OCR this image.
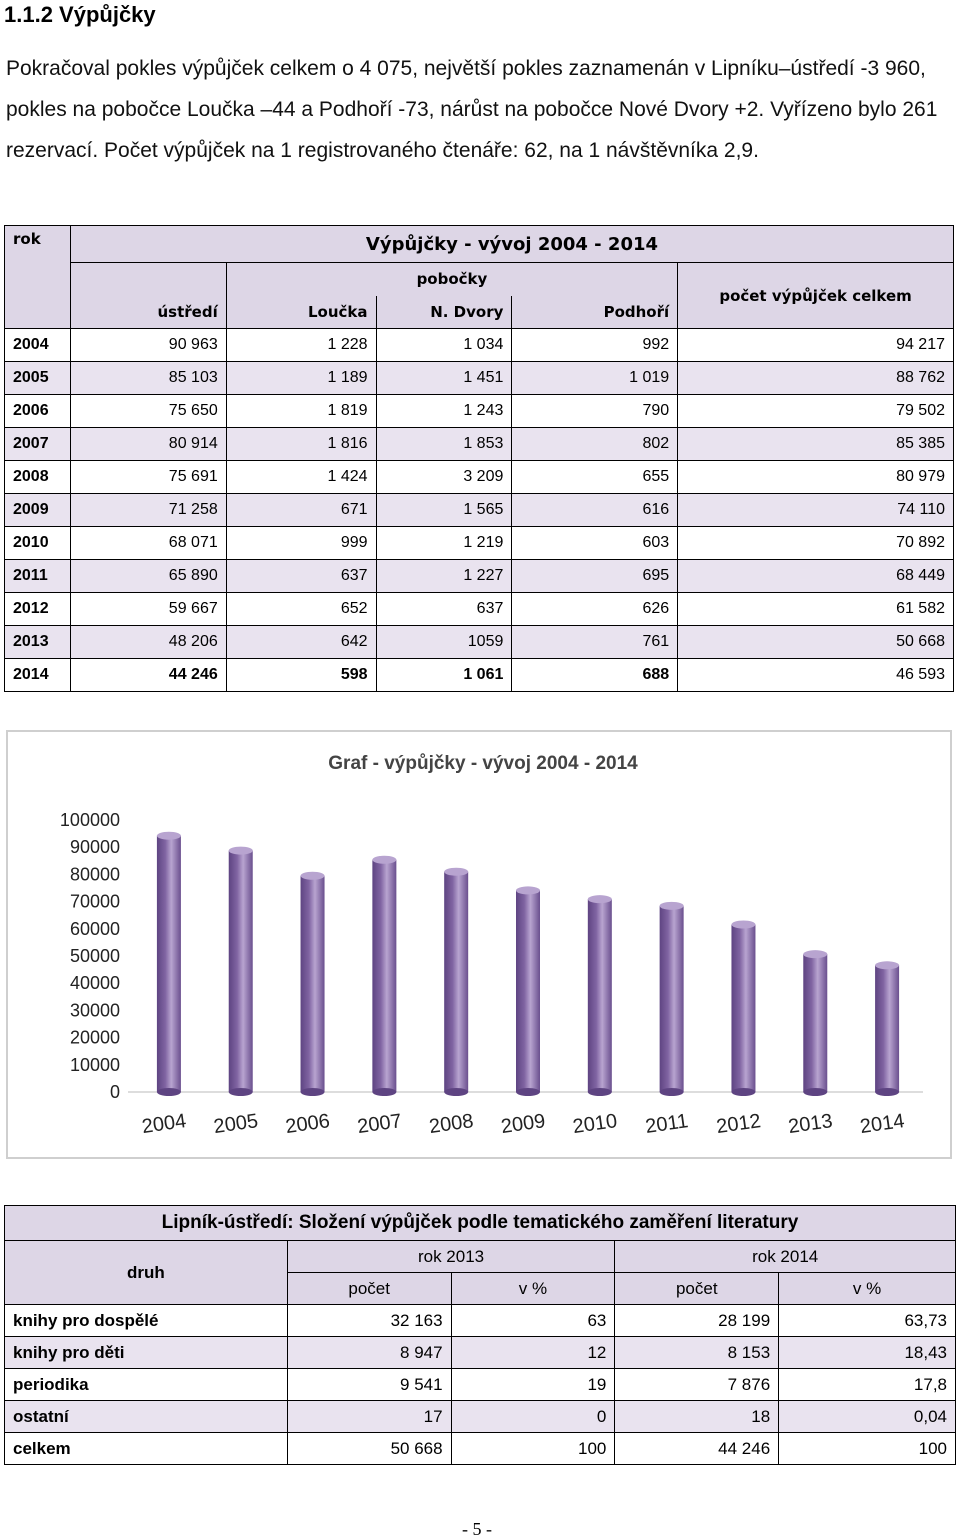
1.1.2 Výpůjčky

Pokračoval pokles výpůjček celkem o 4 075, největší pokles zaznamenán v Lipníku–ústředí -3 960, pokles na pobočce Loučka –44 a Podhoří -73, nárůst na pobočce Nové Dvory +2. Vyřízeno bylo 261 rezervací. Počet výpůjček na 1 registrovaného čtenáře: 62, na 1 návštěvníka 2,9.

rok	Výpůjčky - vývoj 2004 - 2014				
		pobočky			počet výpůjček celkem
	ústředí	Loučka	N. Dvory	Podhoří	
2004	90 963	1 228	1 034	992	94 217
2005	85 103	1 189	1 451	1 019	88 762
2006	75 650	1 819	1 243	790	79 502
2007	80 914	1 816	1 853	802	85 385
2008	75 691	1 424	3 209	655	80 979
2009	71 258	671	1 565	616	74 110
2010	68 071	999	1 219	603	70 892
2011	65 890	637	1 227	695	68 449
2012	59 667	652	637	626	61 582
2013	48 206	642	1059	761	50 668
2014	44 246	598	1 061	688	46 593
Graf - výpůjčky - vývoj 2004 - 2014
0
10000
20000
30000
40000
50000
60000
70000
80000
90000
100000
2004 2005 2006 2007 2008 2009 2010 2011 2012 2013 2014
Lipník-ústředí: Složení výpůjček podle tematického zaměření literatury				
druh	rok 2013		rok 2014	
	počet	v %	počet	v %
knihy pro dospělé	32 163	63	28 199	63,73
knihy pro děti	8 947	12	8 153	18,43
periodika	9 541	19	7 876	17,8
ostatní	17	0	18	0,04
celkem	50 668	100	44 246	100
- 5 -
